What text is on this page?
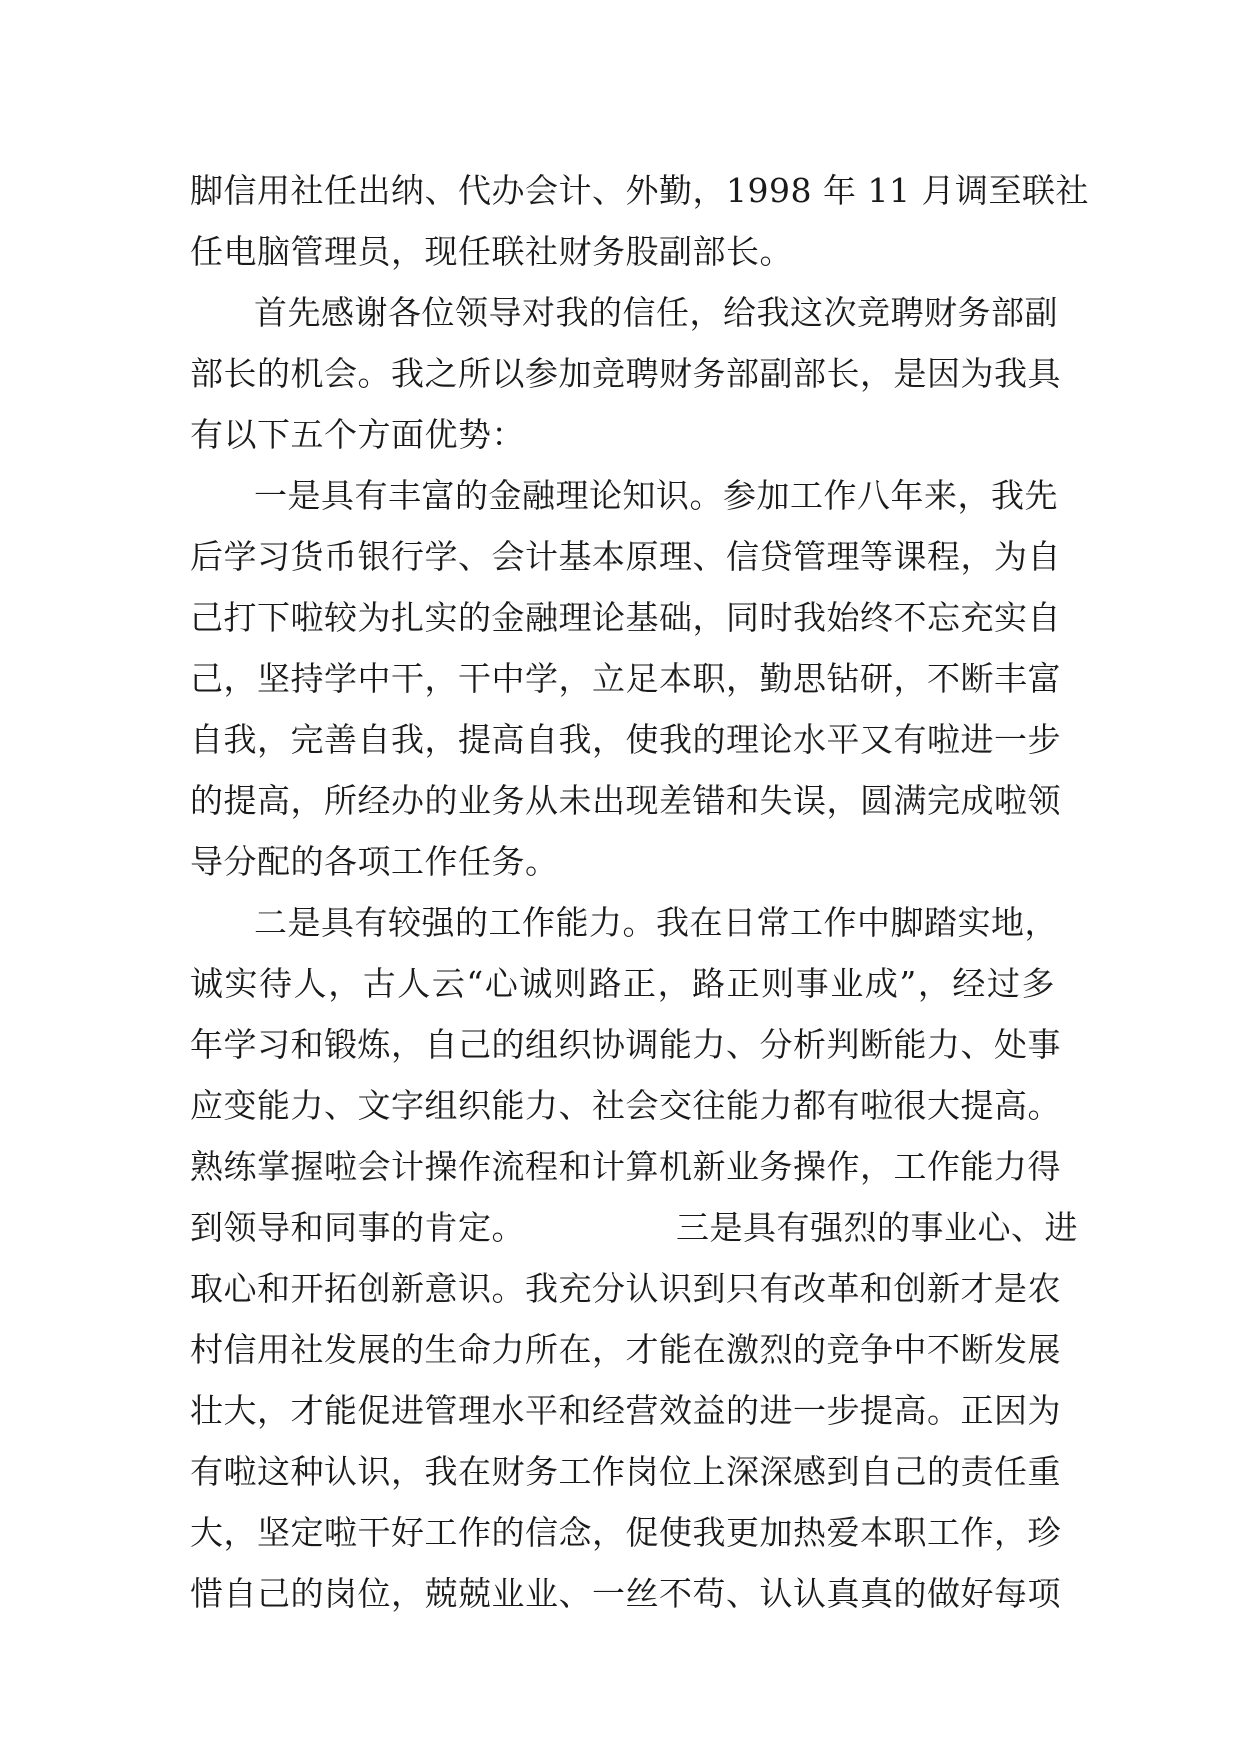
脚信用社任出纳、代办会计、外勤，1998 年 11 月调至联社
任电脑管理员，现任联社财务股副部长。
首先感谢各位领导对我的信任，给我这次竞聘财务部副
部长的机会。我之所以参加竞聘财务部副部长，是因为我具
有以下五个方面优势：
一是具有丰富的金融理论知识。参加工作八年来，我先
后学习货币银行学、会计基本原理、信贷管理等课程，为自
己打下啦较为扎实的金融理论基础，同时我始终不忘充实自
己，坚持学中干，干中学，立足本职，勤思钻研，不断丰富
自我，完善自我，提高自我，使我的理论水平又有啦进一步
的提高，所经办的业务从未出现差错和失误，圆满完成啦领
导分配的各项工作任务。
二是具有较强的工作能力。我在日常工作中脚踏实地，
诚实待人，古人云“心诚则路正，路正则事业成”，经过多
年学习和锻炼，自己的组织协调能力、分析判断能力、处事
应变能力、文字组织能力、社会交往能力都有啦很大提高。
熟练掌握啦会计操作流程和计算机新业务操作，工作能力得
到领导和同事的肯定。　　　　　三是具有强烈的事业心、进
取心和开拓创新意识。我充分认识到只有改革和创新才是农
村信用社发展的生命力所在，才能在激烈的竞争中不断发展
壮大，才能促进管理水平和经营效益的进一步提高。正因为
有啦这种认识，我在财务工作岗位上深深感到自己的责任重
大，坚定啦干好工作的信念，促使我更加热爱本职工作，珍
惜自己的岗位，兢兢业业、一丝不苟、认认真真的做好每项
